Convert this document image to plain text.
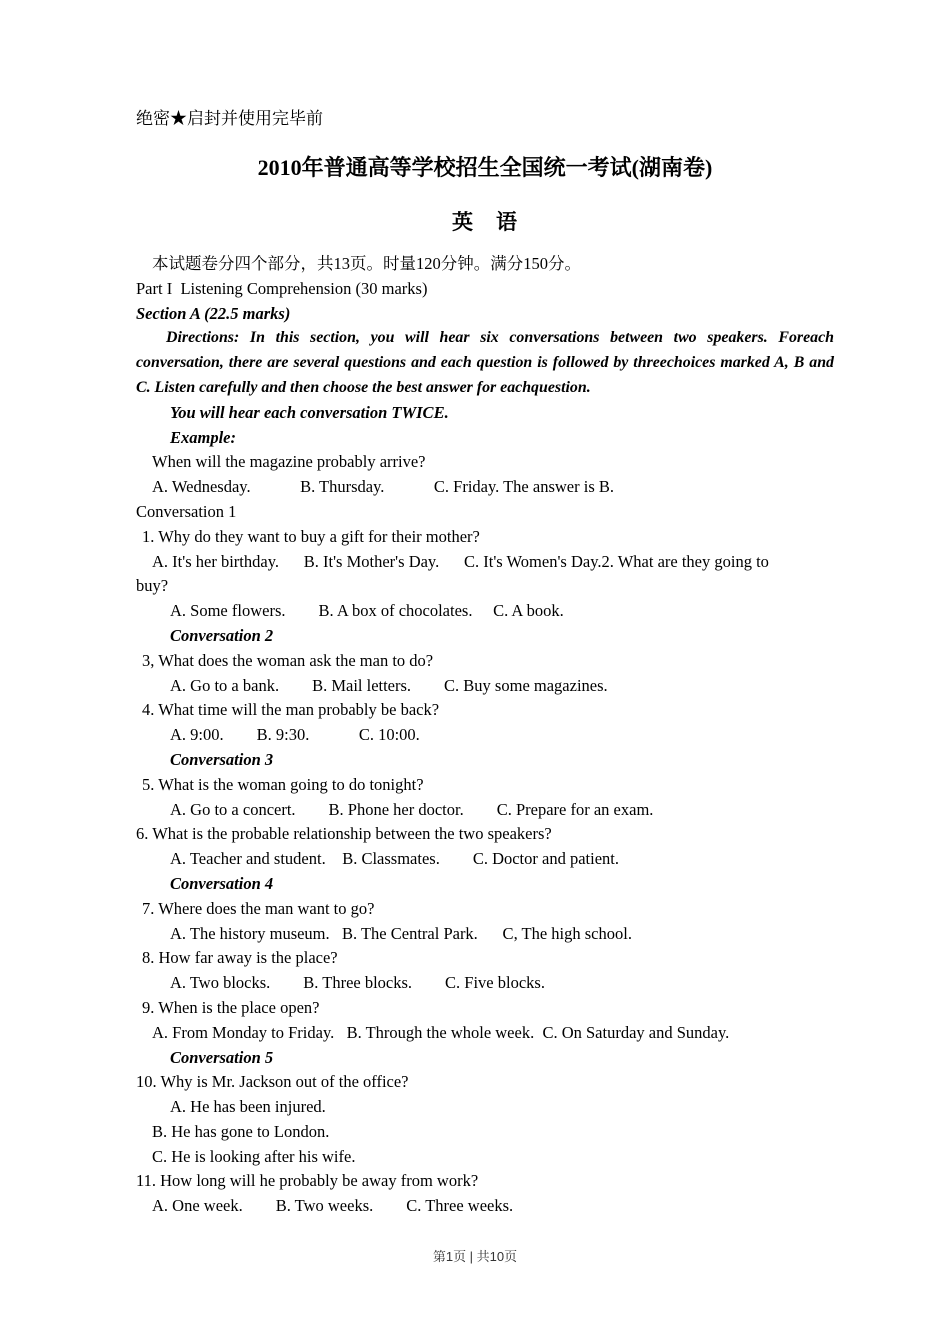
绝密★启封并使用完毕前

2010年普通高等学校招生全国统一考试(湖南卷)
英　语

本试题卷分四个部分，共13页。时量120分钟。满分150分。

Part I  Listening Comprehension (30 marks)

Section A (22.5 marks)

Directions: In this section, you will hear six conversations between two speakers. Foreach conversation, there are several questions and each question is followed by threechoices marked A, B and C. Listen carefully and then choose the best answer for eachquestion.

You will hear each conversation TWICE.

Example:

When will the magazine probably arrive?

A. Wednesday.            B. Thursday.            C. Friday. The answer is B.

Conversation 1

1. Why do they want to buy a gift for their mother?

A. It's her birthday.      B. It's Mother's Day.      C. It's Women's Day.2. What are they going to

buy?

A. Some flowers.        B. A box of chocolates.     C. A book.

Conversation 2

3, What does the woman ask the man to do?

A. Go to a bank.        B. Mail letters.        C. Buy some magazines.

4. What time will the man probably be back?

A. 9:00.        B. 9:30.            C. 10:00.

Conversation 3

5. What is the woman going to do tonight?

A. Go to a concert.        B. Phone her doctor.        C. Prepare for an exam.

6. What is the probable relationship between the two speakers?

A. Teacher and student.    B. Classmates.        C. Doctor and patient.

Conversation 4

7. Where does the man want to go?

A. The history museum.   B. The Central Park.      C, The high school.

8. How far away is the place?

A. Two blocks.        B. Three blocks.        C. Five blocks.

9. When is the place open?

A. From Monday to Friday.   B. Through the whole week.  C. On Saturday and Sunday.

Conversation 5

10. Why is Mr. Jackson out of the office?

A. He has been injured.

B. He has gone to London.

C. He is looking after his wife.

11. How long will he probably be away from work?

A. One week.        B. Two weeks.        C. Three weeks.

第1页 | 共10页
